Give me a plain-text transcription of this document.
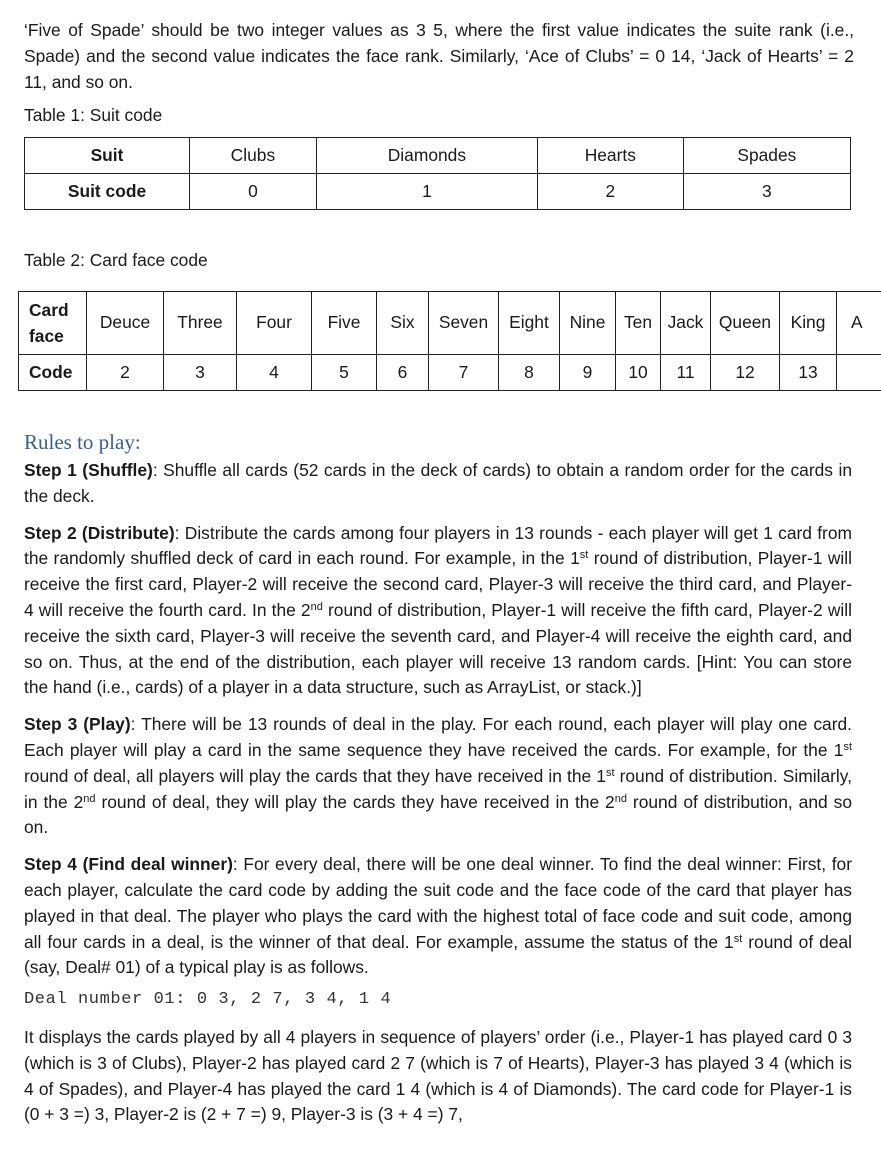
‘Five of Spade’ should be two integer values as 3 5, where the first value indicates the suite rank (i.e., Spade) and the second value indicates the face rank. Similarly, ‘Ace of Clubs’ = 0 14, ‘Jack of Hearts’ = 2 11, and so on.

Table 1: Suit code
Suit	Clubs	Diamonds	Hearts	Spades
Suit code	0	1	2	3
Table 2: Card face code
Card face	Deuce	Three	Four	Five	Six	Seven	Eight	Nine	Ten	Jack	Queen	King	A
Code	2	3	4	5	6	7	8	9	10	11	12	13	
Rules to play:

Step 1 (Shuffle): Shuffle all cards (52 cards in the deck of cards) to obtain a random order for the cards in the deck.

Step 2 (Distribute): Distribute the cards among four players in 13 rounds - each player will get 1 card from the randomly shuffled deck of card in each round. For example, in the 1st round of distribution, Player-1 will receive the first card, Player-2 will receive the second card, Player-3 will receive the third card, and Player-4 will receive the fourth card. In the 2nd round of distribution, Player-1 will receive the fifth card, Player-2 will receive the sixth card, Player-3 will receive the seventh card, and Player-4 will receive the eighth card, and so on. Thus, at the end of the distribution, each player will receive 13 random cards. [Hint: You can store the hand (i.e., cards) of a player in a data structure, such as ArrayList, or stack.)]

Step 3 (Play): There will be 13 rounds of deal in the play. For each round, each player will play one card. Each player will play a card in the same sequence they have received the cards. For example, for the 1st round of deal, all players will play the cards that they have received in the 1st round of distribution. Similarly, in the 2nd round of deal, they will play the cards they have received in the 2nd round of distribution, and so on.

Step 4 (Find deal winner): For every deal, there will be one deal winner. To find the deal winner: First, for each player, calculate the card code by adding the suit code and the face code of the card that player has played in that deal. The player who plays the card with the highest total of face code and suit code, among all four cards in a deal, is the winner of that deal. For example, assume the status of the 1st round of deal (say, Deal# 01) of a typical play is as follows.

Deal number 01: 0 3, 2 7, 3 4, 1 4

It displays the cards played by all 4 players in sequence of players’ order (i.e., Player-1 has played card 0 3 (which is 3 of Clubs), Player-2 has played card 2 7 (which is 7 of Hearts), Player-3 has played 3 4 (which is 4 of Spades), and Player-4 has played the card 1 4 (which is 4 of Diamonds). The card code for Player-1 is (0 + 3 =) 3, Player-2 is (2 + 7 =) 9, Player-3 is (3 + 4 =) 7,
